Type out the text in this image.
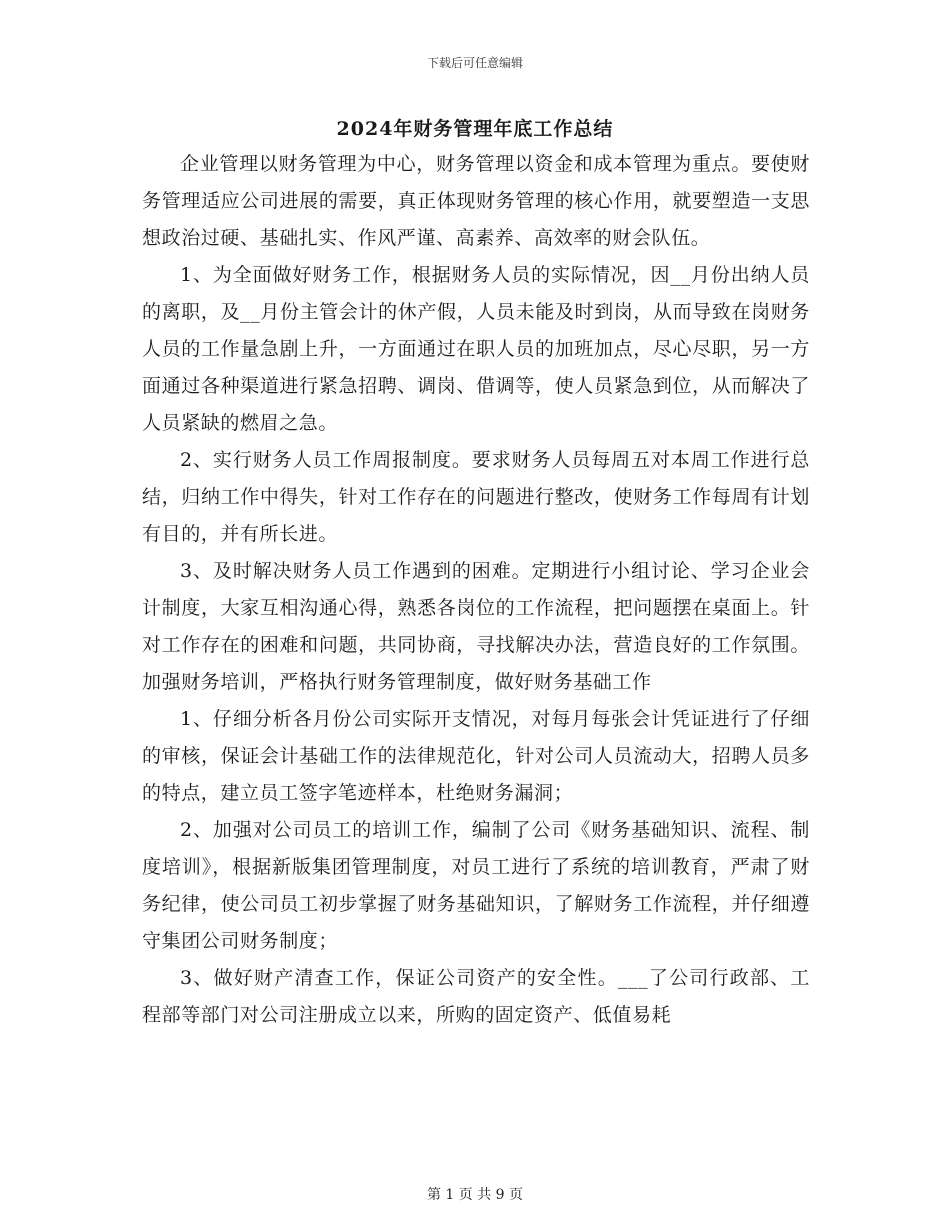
下载后可任意编辑
2024年财务管理年底工作总结

企业管理以财务管理为中心，财务管理以资金和成本管理为重点。要使财务管理适应公司进展的需要，真正体现财务管理的核心作用，就要塑造一支思想政治过硬、基础扎实、作风严谨、高素养、高效率的财会队伍。

1、为全面做好财务工作，根据财务人员的实际情况，因__月份出纳人员的离职，及__月份主管会计的休产假，人员未能及时到岗，从而导致在岗财务人员的工作量急剧上升，一方面通过在职人员的加班加点，尽心尽职，另一方面通过各种渠道进行紧急招聘、调岗、借调等，使人员紧急到位，从而解决了人员紧缺的燃眉之急。

2、实行财务人员工作周报制度。要求财务人员每周五对本周工作进行总结，归纳工作中得失，针对工作存在的问题进行整改，使财务工作每周有计划有目的，并有所长进。

3、及时解决财务人员工作遇到的困难。定期进行小组讨论、学习企业会计制度，大家互相沟通心得，熟悉各岗位的工作流程，把问题摆在桌面上。针对工作存在的困难和问题，共同协商，寻找解决办法，营造良好的工作氛围。加强财务培训，严格执行财务管理制度，做好财务基础工作

1、仔细分析各月份公司实际开支情况，对每月每张会计凭证进行了仔细的审核，保证会计基础工作的法律规范化，针对公司人员流动大，招聘人员多的特点，建立员工签字笔迹样本，杜绝财务漏洞；

2、加强对公司员工的培训工作，编制了公司《财务基础知识、流程、制度培训》，根据新版集团管理制度，对员工进行了系统的培训教育，严肃了财务纪律，使公司员工初步掌握了财务基础知识，了解财务工作流程，并仔细遵守集团公司财务制度；

3、做好财产清查工作，保证公司资产的安全性。___了公司行政部、工程部等部门对公司注册成立以来，所购的固定资产、低值易耗

第 1 页 共 9 页
